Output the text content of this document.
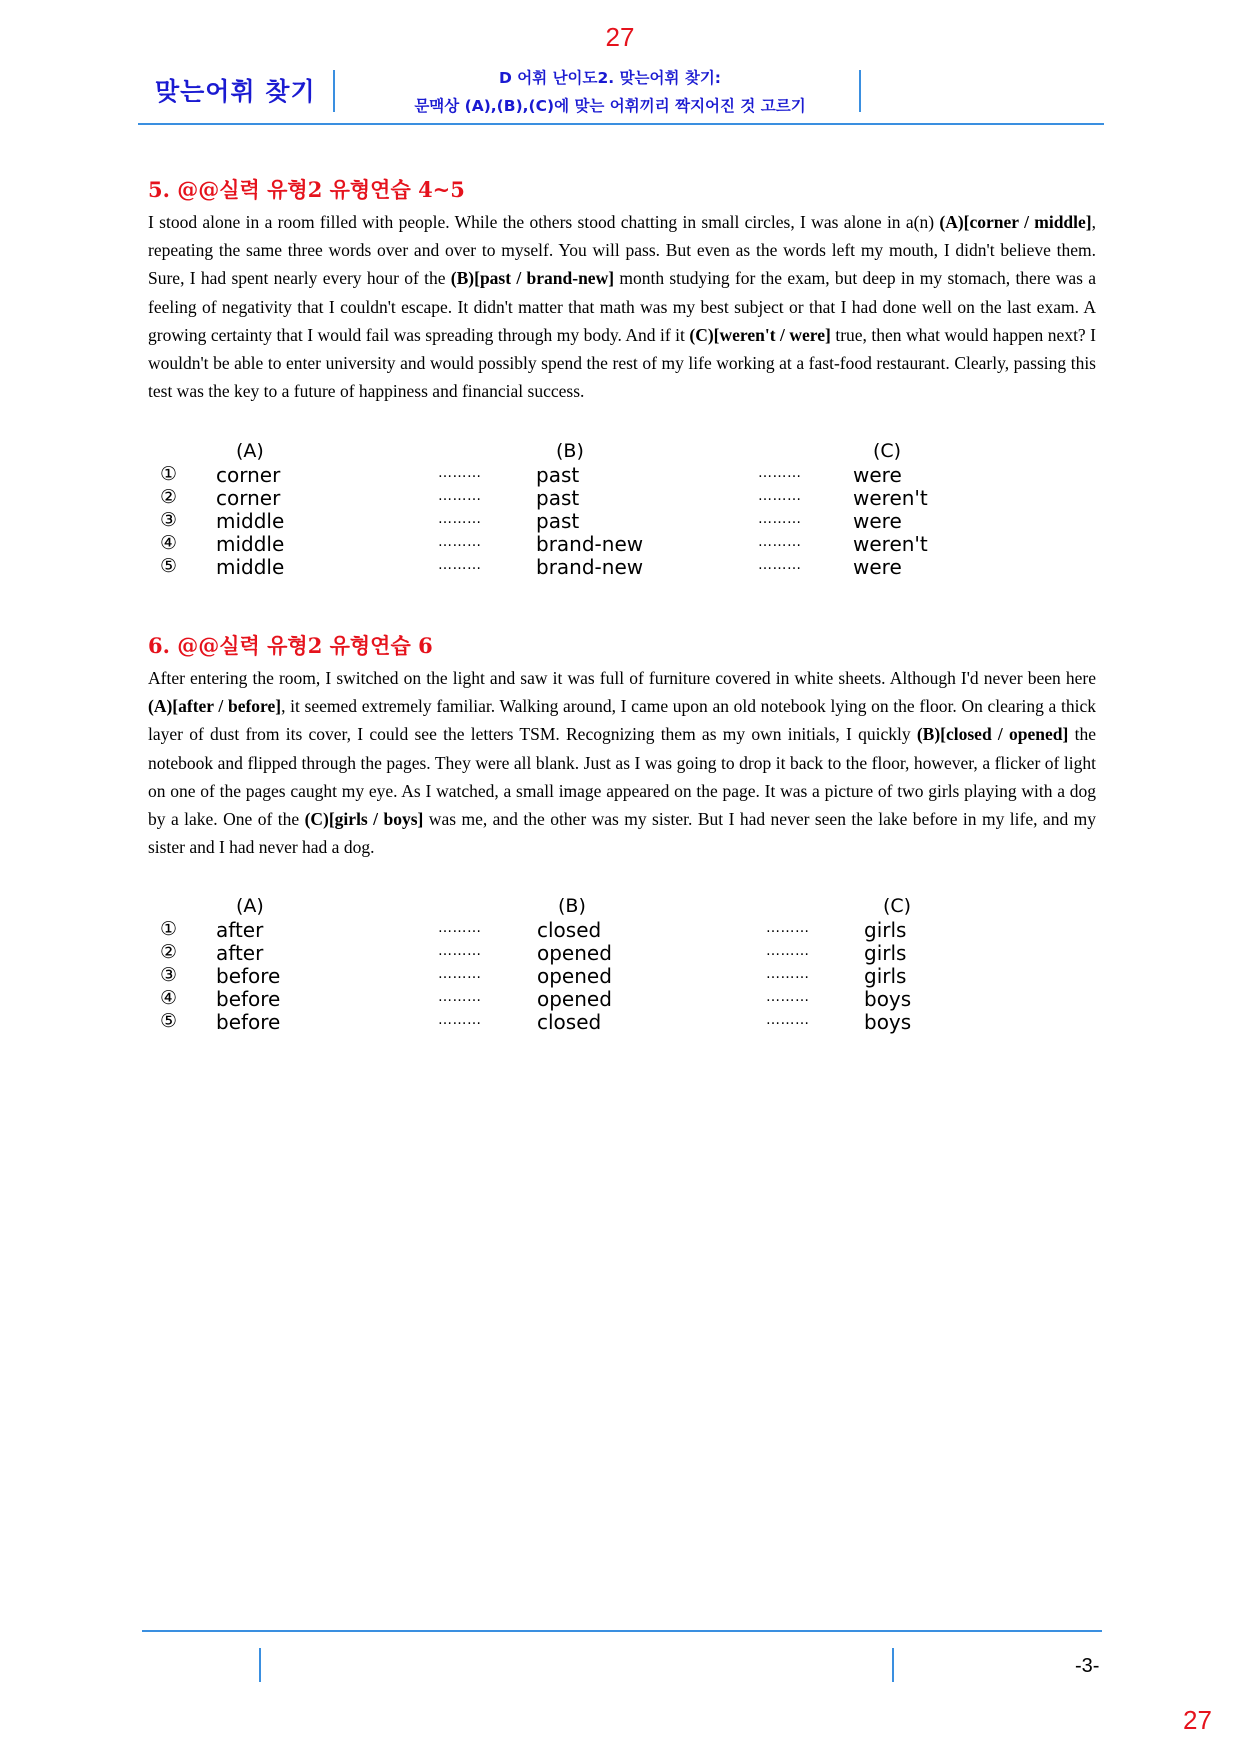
27
맞는어휘 찾기	D 어휘 난이도2. 맞는어휘 찾기:
문맥상 (A),(B),(C)에 맞는 어휘끼리 짝지어진 것 고르기
5. @@실력 유형2 유형연습 4~5

I stood alone in a room filled with people. While the others stood chatting in small circles, I was alone in a(n) (A)[corner / middle], repeating the same three words over and over to myself. You will pass. But even as the words left my mouth, I didn't believe them. Sure, I had spent nearly every hour of the (B)[past / brand-new] month studying for the exam, but deep in my stomach, there was a feeling of negativity that I couldn't escape. It didn't matter that math was my best subject or that I had done well on the last exam. A growing certainty that I would fail was spreading through my body. And if it (C)[weren't / were] true, then what would happen next? I wouldn't be able to enter university and would possibly spend the rest of my life working at a fast-food restaurant. Clearly, passing this test was the key to a future of happiness and financial success.

(A)	(B)	(C)
① corner	………	past	………	were
② corner	………	past	………	weren't
③ middle	………	past	………	were
④ middle	………	brand-new	………	weren't
⑤ middle	………	brand-new	………	were
6. @@실력 유형2 유형연습 6

After entering the room, I switched on the light and saw it was full of furniture covered in white sheets. Although I'd never been here (A)[after / before], it seemed extremely familiar. Walking around, I came upon an old notebook lying on the floor. On clearing a thick layer of dust from its cover, I could see the letters TSM. Recognizing them as my own initials, I quickly (B)[closed / opened] the notebook and flipped through the pages. They were all blank. Just as I was going to drop it back to the floor, however, a flicker of light on one of the pages caught my eye. As I watched, a small image appeared on the page. It was a picture of two girls playing with a dog by a lake. One of the (C)[girls / boys] was me, and the other was my sister. But I had never seen the lake before in my life, and my sister and I had never had a dog.

(A)	(B)	(C)
① after	………	closed	………	girls
② after	………	opened	………	girls
③ before	………	opened	………	girls
④ before	………	opened	………	boys
⑤ before	………	closed	………	boys
-3-
27
